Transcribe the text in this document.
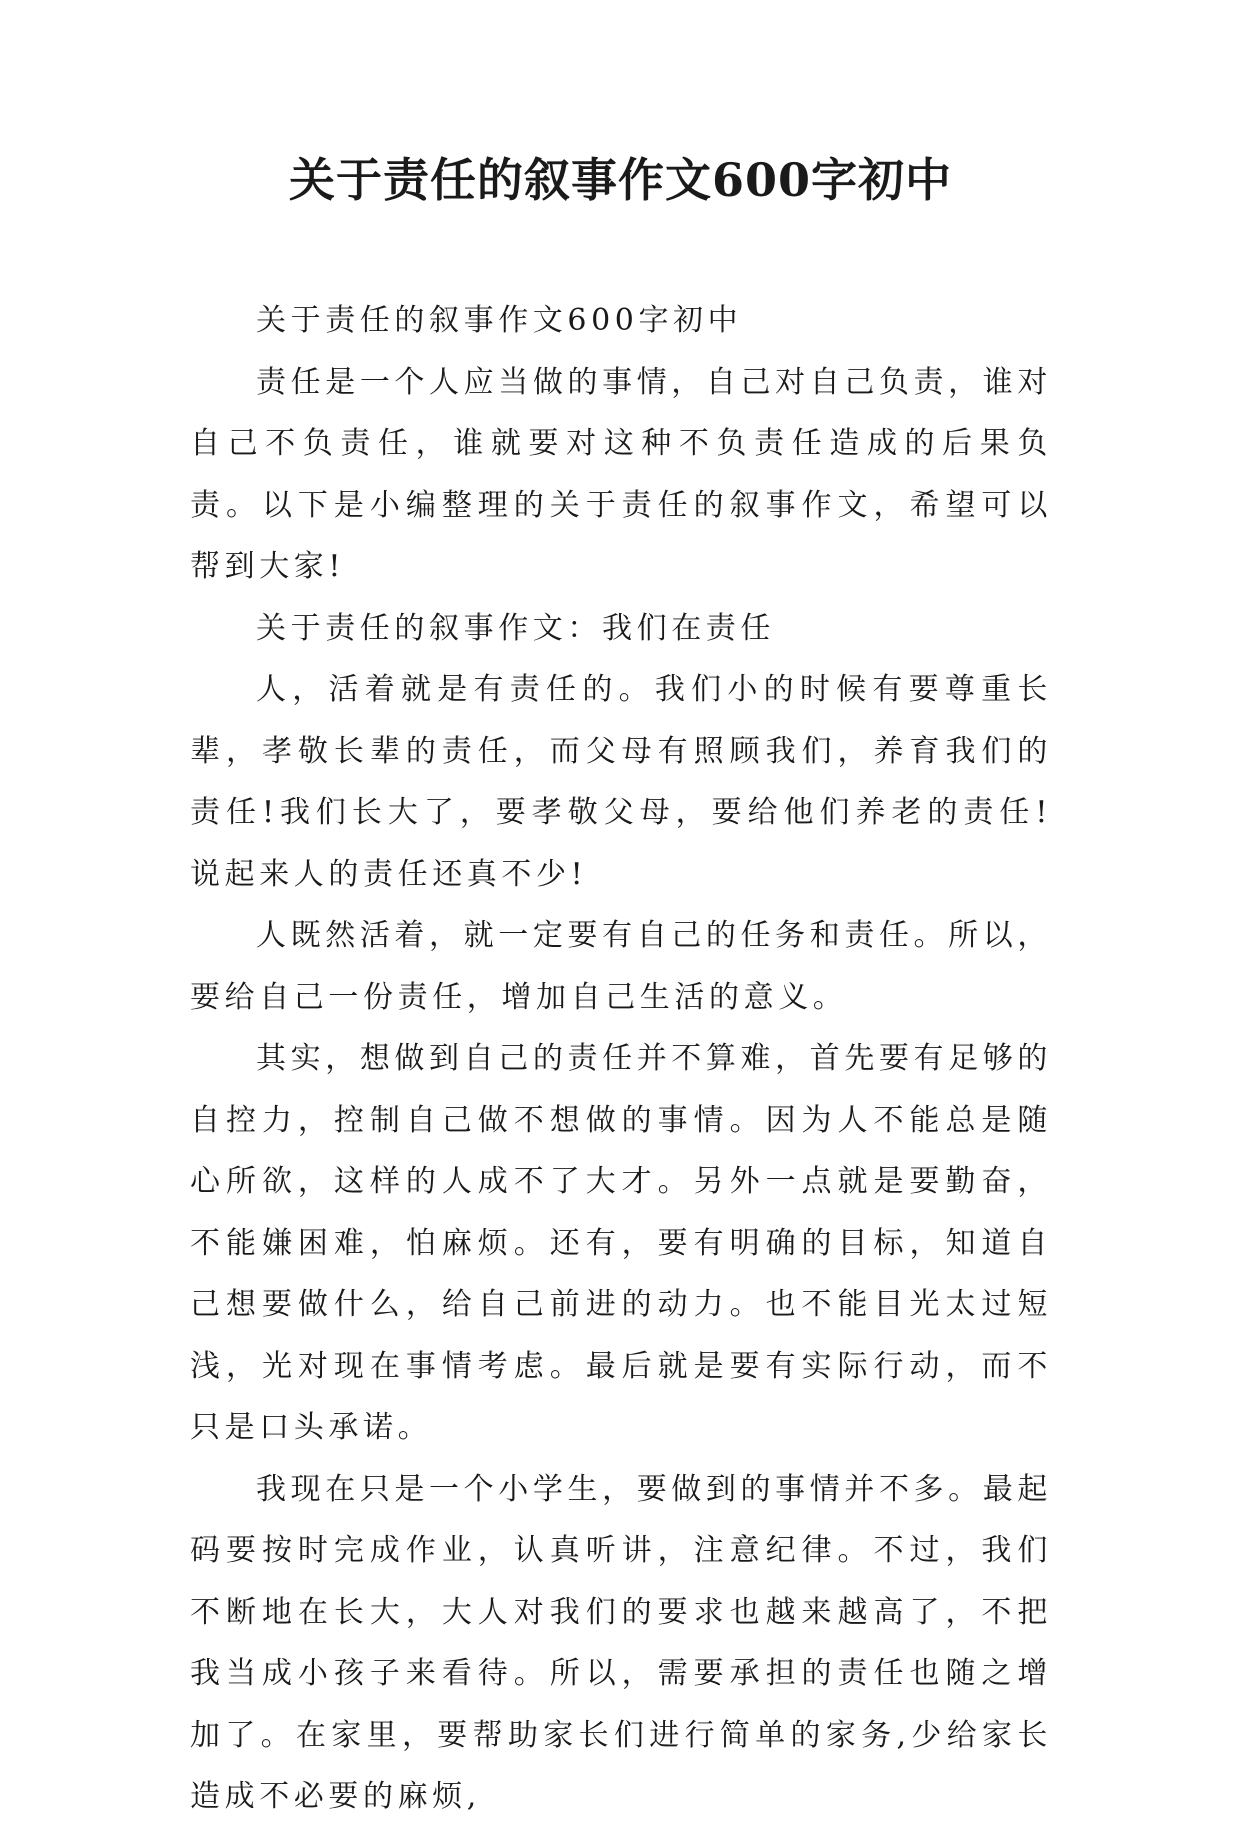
关于责任的叙事作文600字初中

关于责任的叙事作文600字初中

责任是一个人应当做的事情，自己对自己负责，谁对自己不负责任，谁就要对这种不负责任造成的后果负责。以下是小编整理的关于责任的叙事作文，希望可以帮到大家!

关于责任的叙事作文：我们在责任

人，活着就是有责任的。我们小的时候有要尊重长辈，孝敬长辈的责任，而父母有照顾我们，养育我们的责任!我们长大了，要孝敬父母，要给他们养老的责任!说起来人的责任还真不少!

人既然活着，就一定要有自己的任务和责任。所以，要给自己一份责任，增加自己生活的意义。

其实，想做到自己的责任并不算难，首先要有足够的自控力，控制自己做不想做的事情。因为人不能总是随心所欲，这样的人成不了大才。另外一点就是要勤奋，不能嫌困难，怕麻烦。还有，要有明确的目标，知道自己想要做什么，给自己前进的动力。也不能目光太过短浅，光对现在事情考虑。最后就是要有实际行动，而不只是口头承诺。

我现在只是一个小学生，要做到的事情并不多。最起码要按时完成作业，认真听讲，注意纪律。不过，我们不断地在长大，大人对我们的要求也越来越高了，不把我当成小孩子来看待。所以，需要承担的责任也随之增加了。在家里，要帮助家长们进行简单的家务,少给家长造成不必要的麻烦,
